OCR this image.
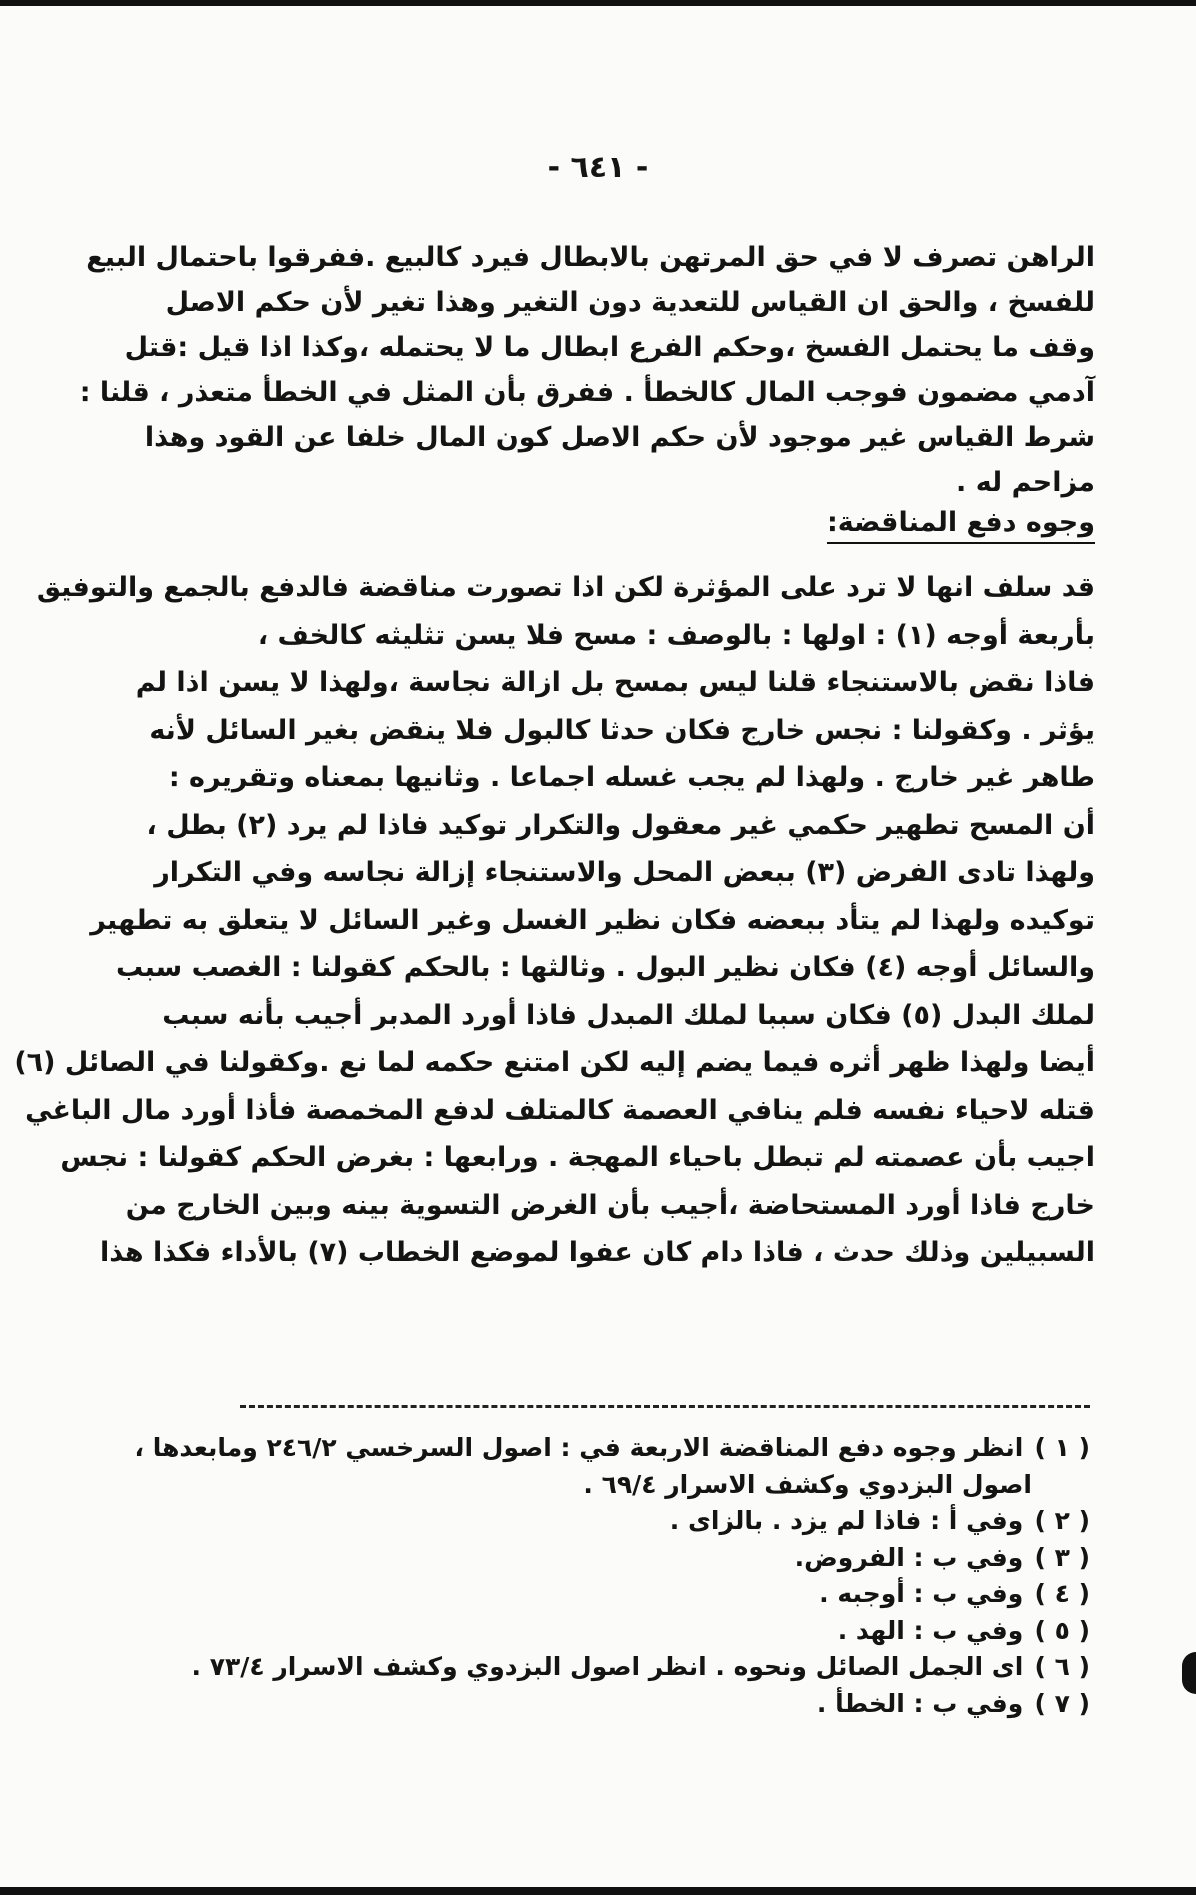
- ٦٤١ -
الراهن تصرف لا في حق المرتهن بالابطال فيرد كالبيع .ففرقوا باحتمال البيع
للفسخ ، والحق ان القياس للتعدية دون التغير وهذا تغير لأن حكم الاصل
وقف ما يحتمل الفسخ ،وحكم الفرع ابطال ما لا يحتمله ،وكذا اذا قيل :قتل
آدمي مضمون فوجب المال كالخطأ . ففرق بأن المثل في الخطأ متعذر ، قلنا :
شرط القياس غير موجود لأن حكم الاصل كون المال خلفا عن القود وهذا
مزاحم له .
وجوه دفع المناقضة:
قد سلف انها لا ترد على المؤثرة لكن اذا تصورت مناقضة فالدفع بالجمع والتوفيق
بأربعة أوجه (١) : اولها : بالوصف : مسح فلا يسن تثليثه كالخف ،
فاذا نقض بالاستنجاء قلنا ليس بمسح بل ازالة نجاسة ،ولهذا لا يسن اذا لم
يؤثر . وكقولنا : نجس خارج فكان حدثا كالبول فلا ينقض بغير السائل لأنه
طاهر غير خارج . ولهذا لم يجب غسله اجماعا . وثانيها بمعناه وتقريره :
أن المسح تطهير حكمي غير معقول والتكرار توكيد فاذا لم يرد (٢) بطل ،
ولهذا تادى الفرض (٣) ببعض المحل والاستنجاء إزالة نجاسه وفي التكرار
توكيده ولهذا لم يتأد ببعضه فكان نظير الغسل وغير السائل لا يتعلق به تطهير
والسائل أوجه (٤) فكان نظير البول . وثالثها : بالحكم كقولنا : الغصب سبب
لملك البدل (٥) فكان سببا لملك المبدل فاذا أورد المدبر أجيب بأنه سبب
أيضا ولهذا ظهر أثره فيما يضم إليه لكن امتنع حكمه لما نع .وكقولنا في الصائل (٦)
قتله لاحياء نفسه فلم ينافي العصمة كالمتلف لدفع المخمصة فأذا أورد مال الباغي
اجيب بأن عصمته لم تبطل باحياء المهجة . ورابعها : بغرض الحكم كقولنا : نجس
خارج فاذا أورد المستحاضة ،أجيب بأن الغرض التسوية بينه وبين الخارج من
السبيلين وذلك حدث ، فاذا دام كان عفوا لموضع الخطاب (٧) بالأداء فكذا هذا
( ١ ) انظر وجوه دفع المناقضة الاربعة في : اصول السرخسي ٢٤٦/٢ ومابعدها ،
اصول البزدوي وكشف الاسرار ٦٩/٤ .
( ٢ ) وفي أ : فاذا لم يزد . بالزاى .
( ٣ ) وفي ب : الفروض.
( ٤ ) وفي ب : أوجبه .
( ٥ ) وفي ب : الهد .
( ٦ ) اى الجمل الصائل ونحوه . انظر اصول البزدوي وكشف الاسرار ٧٣/٤ .
( ٧ ) وفي ب : الخطأ .
